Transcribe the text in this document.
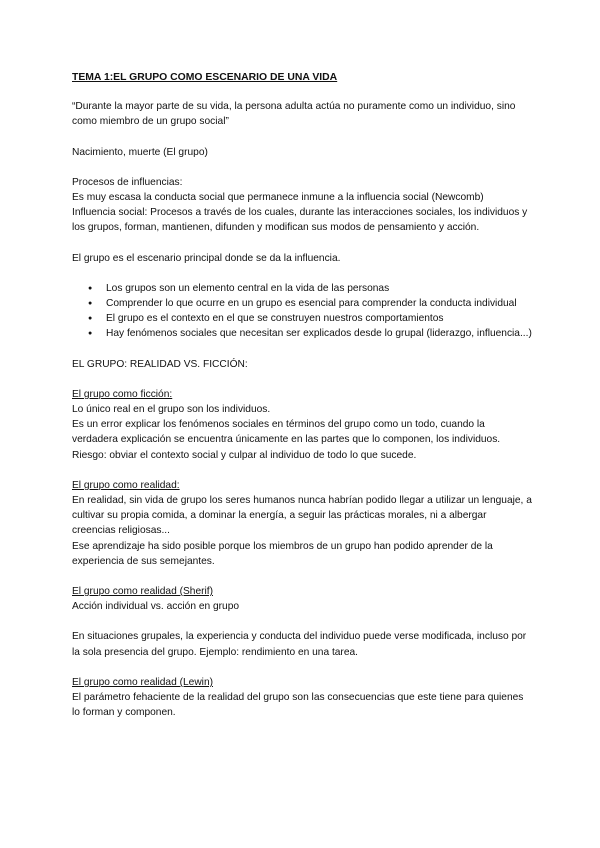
TEMA 1:EL GRUPO COMO ESCENARIO DE UNA VIDA

“Durante la mayor parte de su vida, la persona adulta actúa no puramente como un individuo, sino como miembro de un grupo social”

Nacimiento, muerte (El grupo)

Procesos de influencias:

Es muy escasa la conducta social que permanece inmune a la influencia social (Newcomb)

Influencia social: Procesos a través de los cuales, durante las interacciones sociales, los individuos y los grupos, forman, mantienen, difunden y modifican sus modos de pensamiento y acción.

El grupo es el escenario principal donde se da la influencia.

● Los grupos son un elemento central en la vida de las personas
● Comprender lo que ocurre en un grupo es esencial para comprender la conducta individual
● El grupo es el contexto en el que se construyen nuestros comportamientos
● Hay fenómenos sociales que necesitan ser explicados desde lo grupal (liderazgo, influencia...)

EL GRUPO: REALIDAD VS. FICCIÓN:

El grupo como ficción:

Lo único real en el grupo son los individuos.

Es un error explicar los fenómenos sociales en términos del grupo como un todo, cuando la verdadera explicación se encuentra únicamente en las partes que lo componen, los individuos.

Riesgo: obviar el contexto social y culpar al individuo de todo lo que sucede.

El grupo como realidad:

En realidad, sin vida de grupo los seres humanos nunca habrían podido llegar a utilizar un lenguaje, a cultivar su propia comida, a dominar la energía, a seguir las prácticas morales, ni a albergar creencias religiosas...

Ese aprendizaje ha sido posible porque los miembros de un grupo han podido aprender de la experiencia de sus semejantes.

El grupo como realidad (Sherif)

Acción individual vs. acción en grupo

En situaciones grupales, la experiencia y conducta del individuo puede verse modificada, incluso por la sola presencia del grupo. Ejemplo: rendimiento en una tarea.

El grupo como realidad (Lewin)

El parámetro fehaciente de la realidad del grupo son las consecuencias que este tiene para quienes lo forman y componen.
